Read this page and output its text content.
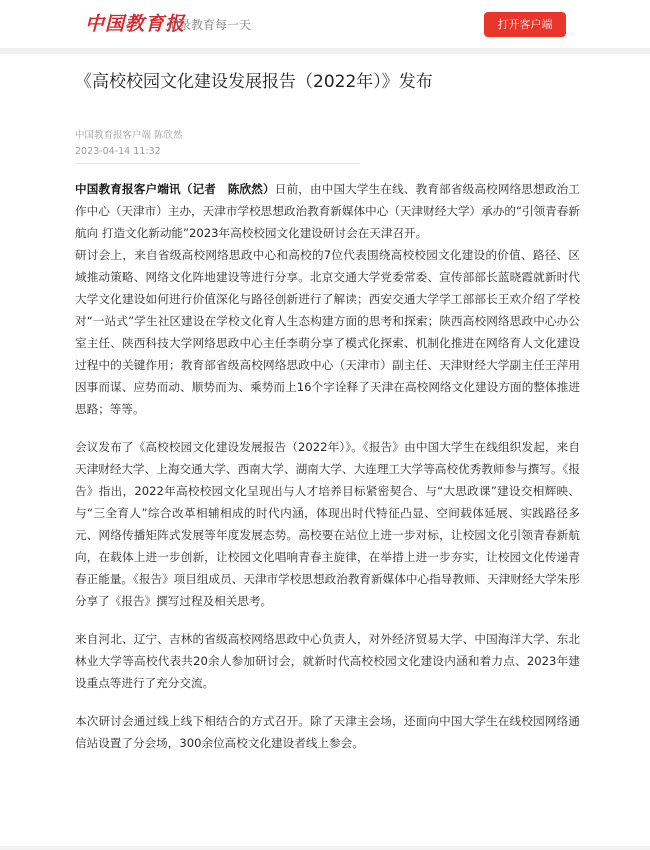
中国教育报
记录教育每一天	打开客户端
《高校校园文化建设发展报告（2022年）》发布
中国教育报客户端 陈欣然
2023-04-14 11:32

中国教育报客户端讯（记者　陈欣然）日前，由中国大学生在线、教育部省级高校网络思想政治工作中心（天津市）主办，天津市学校思想政治教育新媒体中心（天津财经大学）承办的“引领青春新航向 打造文化新动能”2023年高校校园文化建设研讨会在天津召开。

研讨会上，来自省级高校网络思政中心和高校的7位代表围绕高校校园文化建设的价值、路径、区域推动策略、网络文化阵地建设等进行分享。北京交通大学党委常委、宣传部部长蓝晓霞就新时代大学文化建设如何进行价值深化与路径创新进行了解读；西安交通大学学工部部长王欢介绍了学校对“一站式”学生社区建设在学校文化育人生态构建方面的思考和探索；陕西高校网络思政中心办公室主任、陕西科技大学网络思政中心主任李萌分享了模式化探索、机制化推进在网络育人文化建设过程中的关键作用；教育部省级高校网络思政中心（天津市）副主任、天津财经大学副主任王萍用因事而谋、应势而动、顺势而为、乘势而上16个字诠释了天津在高校网络文化建设方面的整体推进思路；等等。

会议发布了《高校校园文化建设发展报告（2022年）》。《报告》由中国大学生在线组织发起，来自天津财经大学、上海交通大学、西南大学、湖南大学、大连理工大学等高校优秀教师参与撰写。《报告》指出，2022年高校校园文化呈现出与人才培养目标紧密契合、与“大思政课”建设交相辉映、与“三全育人”综合改革相辅相成的时代内涵，体现出时代特征凸显、空间载体延展、实践路径多元、网络传播矩阵式发展等年度发展态势。高校要在站位上进一步对标，让校园文化引领青春新航向，在载体上进一步创新，让校园文化唱响青春主旋律，在举措上进一步夯实，让校园文化传递青春正能量。《报告》项目组成员、天津市学校思想政治教育新媒体中心指导教师、天津财经大学朱彤分享了《报告》撰写过程及相关思考。

来自河北、辽宁、吉林的省级高校网络思政中心负责人，对外经济贸易大学、中国海洋大学、东北林业大学等高校代表共20余人参加研讨会，就新时代高校校园文化建设内涵和着力点、2023年建设重点等进行了充分交流。

本次研讨会通过线上线下相结合的方式召开。除了天津主会场，还面向中国大学生在线校园网络通信站设置了分会场，300余位高校文化建设者线上参会。
